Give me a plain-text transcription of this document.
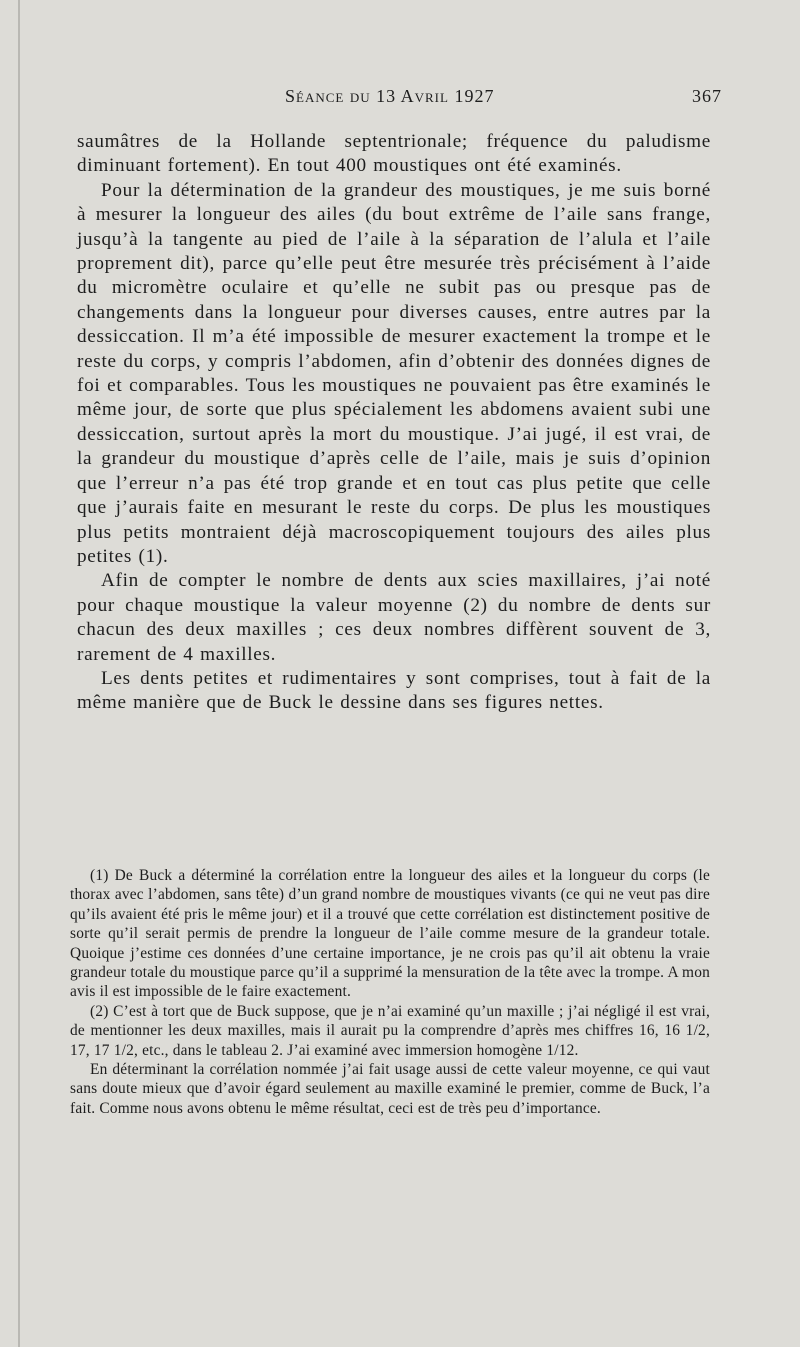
Séance du 13 Avril 1927	367

saumâtres de la Hollande septentrionale; fréquence du paludisme diminuant fortement). En tout 400 moustiques ont été examinés.

Pour la détermination de la grandeur des moustiques, je me suis borné à mesurer la longueur des ailes (du bout extrême de l’aile sans frange, jusqu’à la tangente au pied de l’aile à la séparation de l’alula et l’aile proprement dit), parce qu’elle peut être mesurée très précisément à l’aide du micromètre oculaire et qu’elle ne subit pas ou presque pas de changements dans la longueur pour diverses causes, entre autres par la dessiccation. Il m’a été impossible de mesurer exactement la trompe et le reste du corps, y compris l’abdomen, afin d’obtenir des données dignes de foi et comparables. Tous les moustiques ne pouvaient pas être examinés le même jour, de sorte que plus spécialement les abdomens avaient subi une dessiccation, surtout après la mort du moustique. J’ai jugé, il est vrai, de la grandeur du moustique d’après celle de l’aile, mais je suis d’opinion que l’erreur n’a pas été trop grande et en tout cas plus petite que celle que j’aurais faite en mesurant le reste du corps. De plus les moustiques plus petits montraient déjà macroscopiquement toujours des ailes plus petites (1).

Afin de compter le nombre de dents aux scies maxillaires, j’ai noté pour chaque moustique la valeur moyenne (2) du nombre de dents sur chacun des deux maxilles ; ces deux nombres diffèrent souvent de 3, rarement de 4 maxilles.

Les dents petites et rudimentaires y sont comprises, tout à fait de la même manière que de Buck le dessine dans ses figures nettes.

(1) De Buck a déterminé la corrélation entre la longueur des ailes et la longueur du corps (le thorax avec l’abdomen, sans tête) d’un grand nombre de moustiques vivants (ce qui ne veut pas dire qu’ils avaient été pris le même jour) et il a trouvé que cette corrélation est distinctement positive de sorte qu’il serait permis de prendre la longueur de l’aile comme mesure de la grandeur totale. Quoique j’estime ces données d’une certaine importance, je ne crois pas qu’il ait obtenu la vraie grandeur totale du moustique parce qu’il a supprimé la mensuration de la tête avec la trompe. A mon avis il est impossible de le faire exactement.

(2) C’est à tort que de Buck suppose, que je n’ai examiné qu’un maxille ; j’ai négligé il est vrai, de mentionner les deux maxilles, mais il aurait pu la comprendre d’après mes chiffres 16, 16 1/2, 17, 17 1/2, etc., dans le tableau 2. J’ai examiné avec immersion homogène 1/12.

En déterminant la corrélation nommée j’ai fait usage aussi de cette valeur moyenne, ce qui vaut sans doute mieux que d’avoir égard seulement au maxille examiné le premier, comme de Buck, l’a fait. Comme nous avons obtenu le même résultat, ceci est de très peu d’importance.
